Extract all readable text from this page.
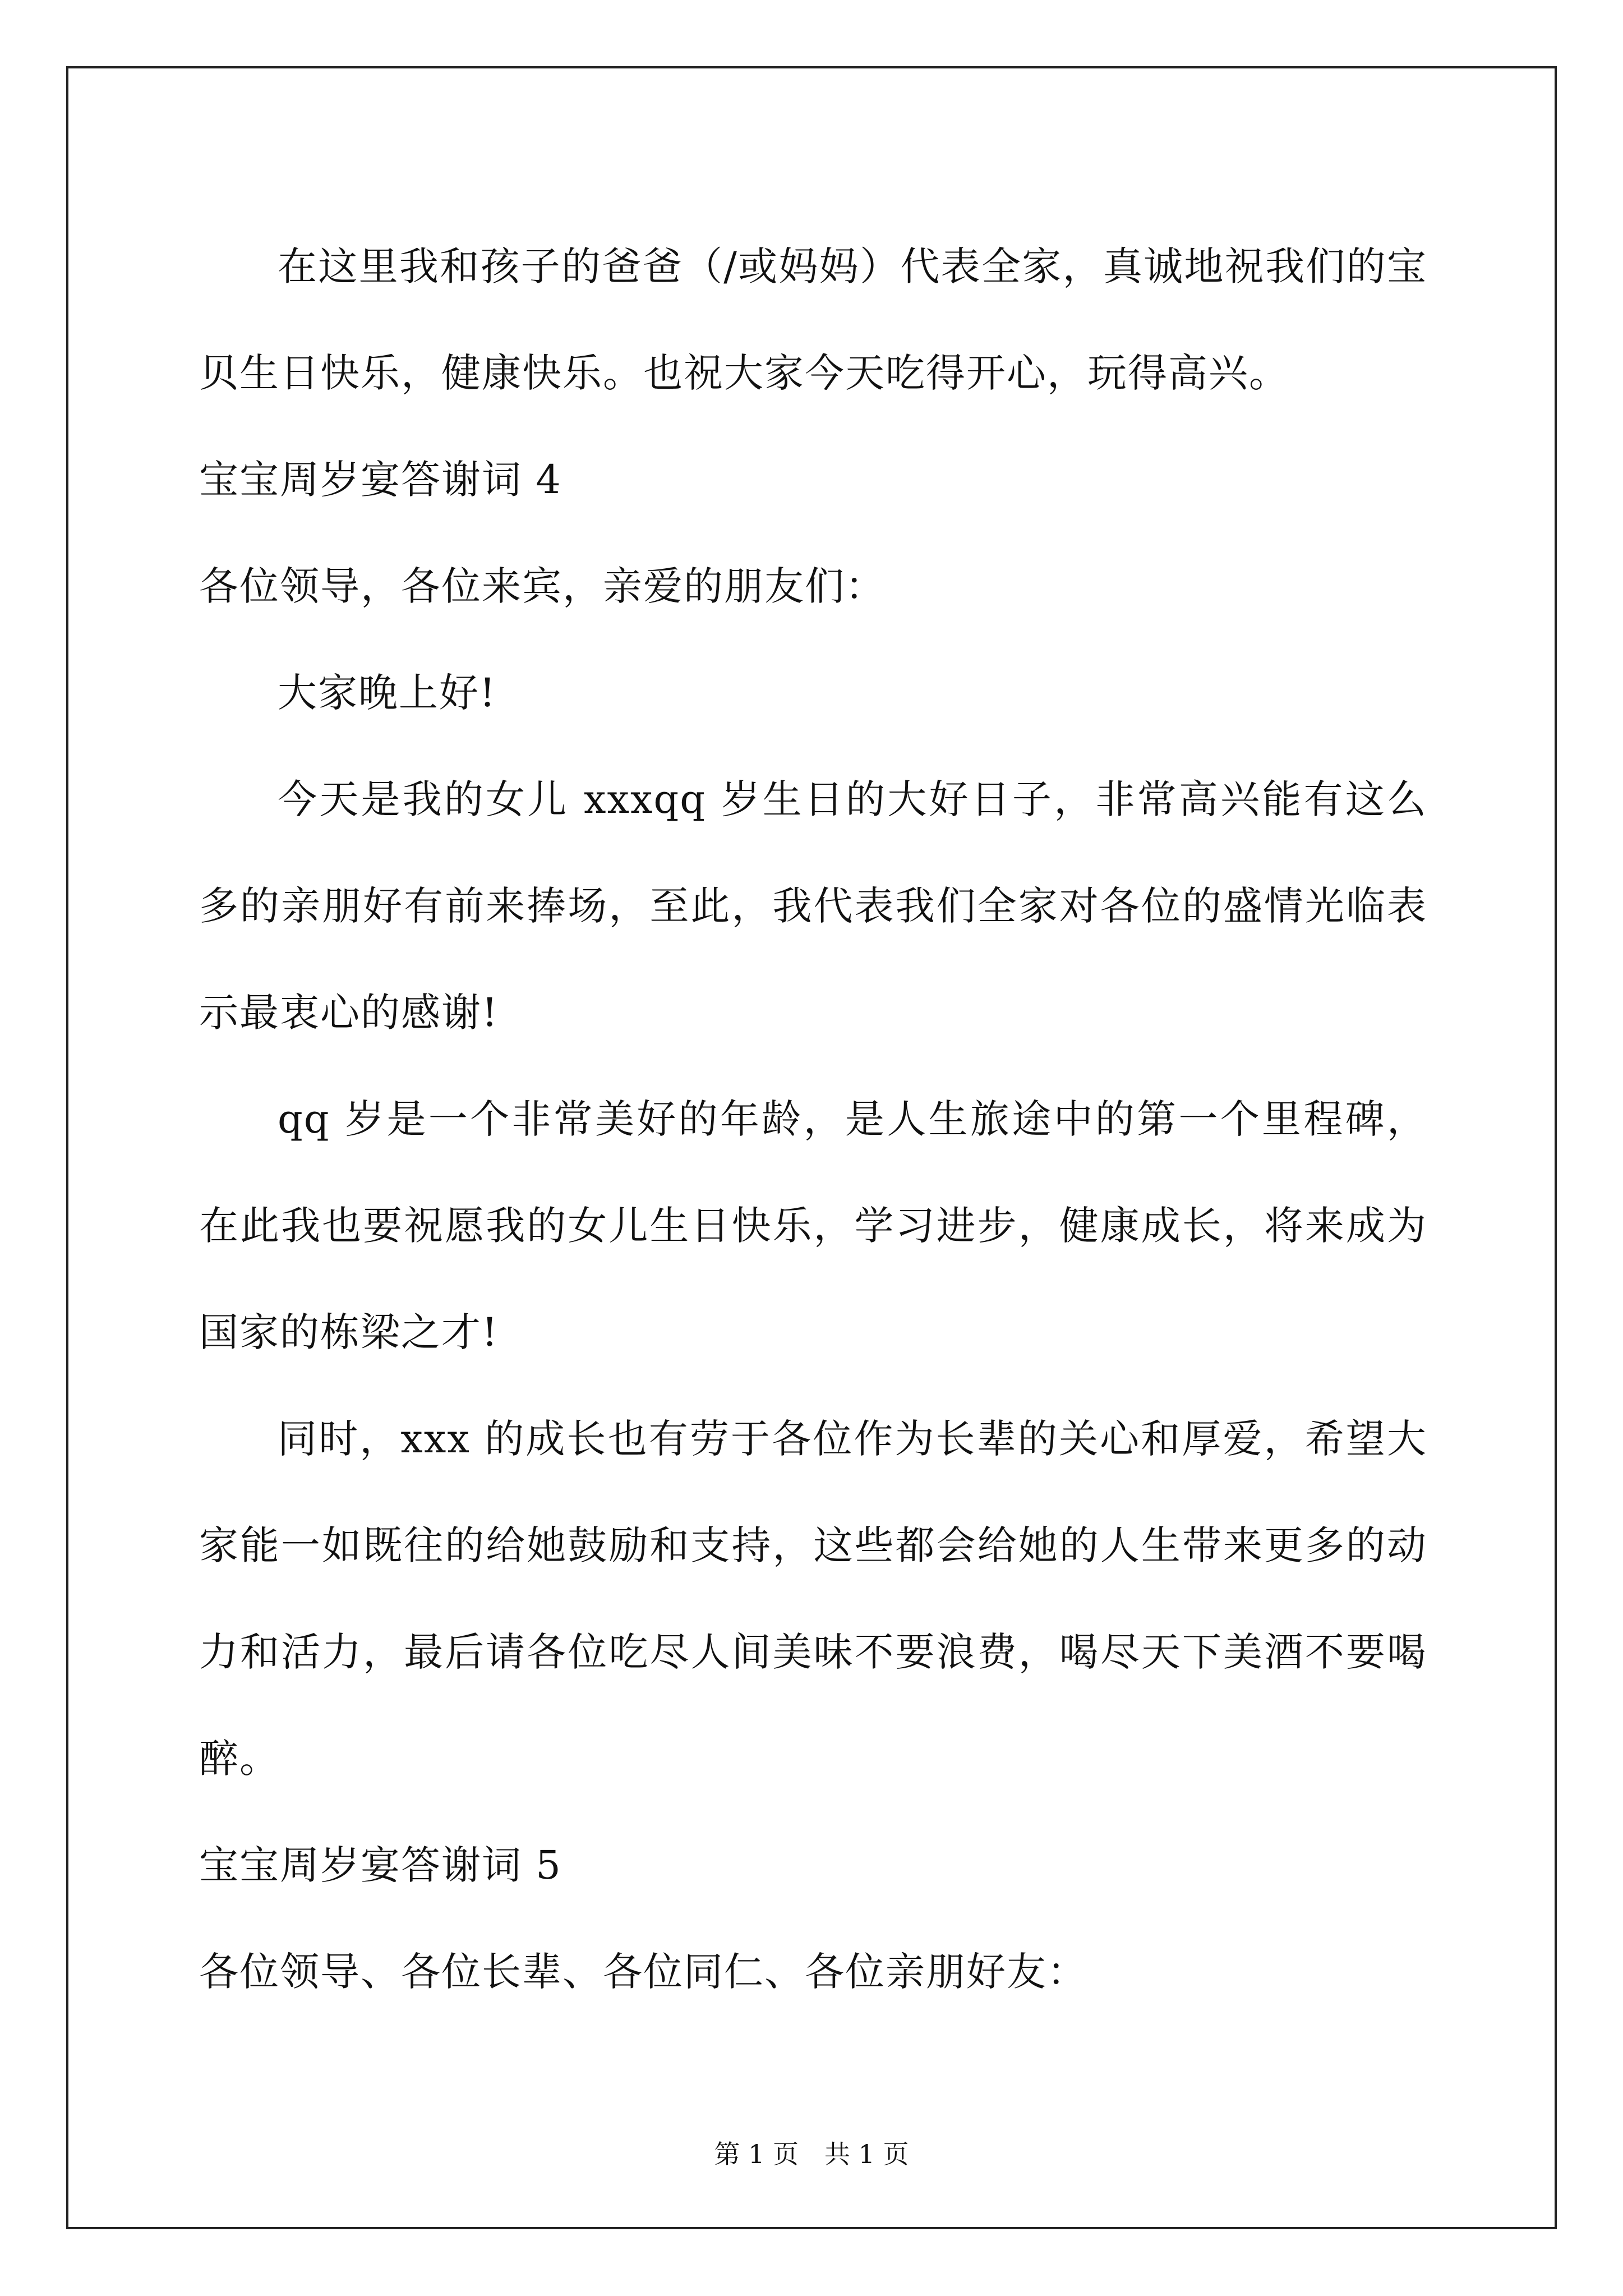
在这里我和孩子的爸爸（/或妈妈）代表全家，真诚地祝我们的宝贝生日快乐，健康快乐。也祝大家今天吃得开心，玩得高兴。

宝宝周岁宴答谢词 4

各位领导，各位来宾，亲爱的朋友们：

大家晚上好!

今天是我的女儿 xxxqq 岁生日的大好日子，非常高兴能有这么多的亲朋好有前来捧场，至此，我代表我们全家对各位的盛情光临表示最衷心的感谢!

qq 岁是一个非常美好的年龄，是人生旅途中的第一个里程碑，在此我也要祝愿我的女儿生日快乐，学习进步，健康成长，将来成为国家的栋梁之才!

同时，xxx 的成长也有劳于各位作为长辈的关心和厚爱，希望大家能一如既往的给她鼓励和支持，这些都会给她的人生带来更多的动力和活力，最后请各位吃尽人间美味不要浪费，喝尽天下美酒不要喝醉。

宝宝周岁宴答谢词 5

各位领导、各位长辈、各位同仁、各位亲朋好友：

第 1 页　共 1 页
